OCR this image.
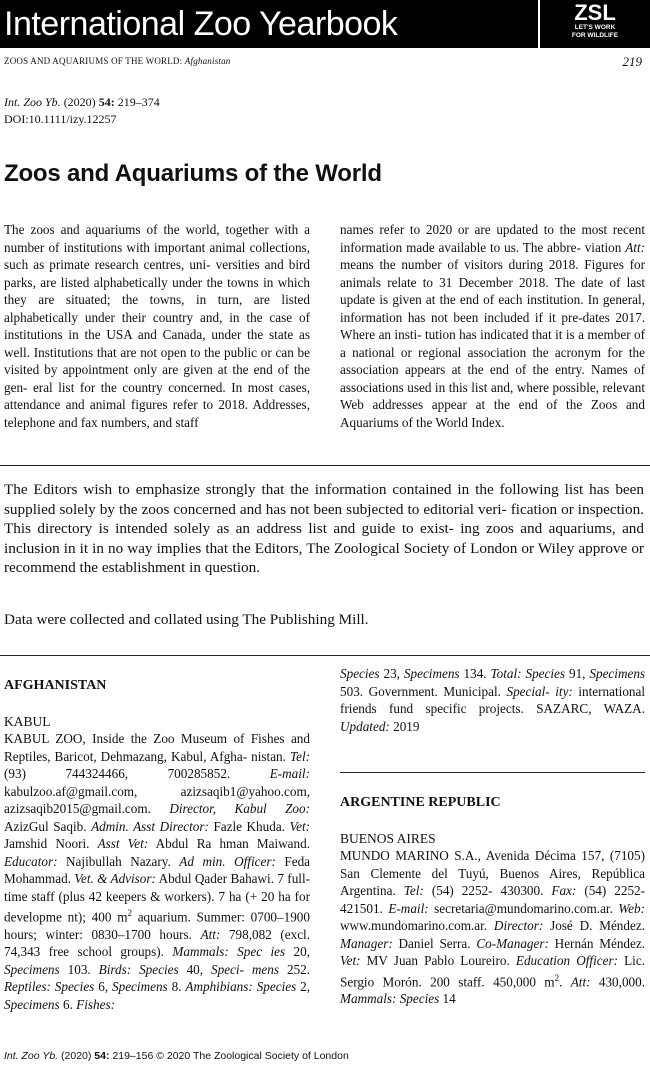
International Zoo Yearbook	ZSL
LET'S WORK
FOR WILDLIFE
ZOOS AND AQUARIUMS OF THE WORLD: Afghanistan	219
Int. Zoo Yb. (2020) 54: 219–374
DOI:10.1111/izy.12257
Zoos and Aquariums of the World

The zoos and aquariums of the world, together with a number of institutions with important animal collections, such as primate research centres, uni- versities and bird parks, are listed alphabetically under the towns in which they are situated; the towns, in turn, are listed alphabetically under their country and, in the case of institutions in the USA and Canada, under the state as well. Institutions that are not open to the public or can be visited by appointment only are given at the end of the gen- eral list for the country concerned. In most cases, attendance and animal figures refer to 2018. Addresses, telephone and fax numbers, and staff

names refer to 2020 or are updated to the most recent information made available to us. The abbre- viation Att: means the number of visitors during 2018. Figures for animals relate to 31 December 2018. The date of last update is given at the end of each institution. In general, information has not been included if it pre-dates 2017. Where an insti- tution has indicated that it is a member of a national or regional association the acronym for the association appears at the end of the entry. Names of associations used in this list and, where possible, relevant Web addresses appear at the end of the Zoos and Aquariums of the World Index.

The Editors wish to emphasize strongly that the information contained in the following list has been supplied solely by the zoos concerned and has not been subjected to editorial veri- fication or inspection. This directory is intended solely as an address list and guide to exist- ing zoos and aquariums, and inclusion in it in no way implies that the Editors, The Zoological Society of London or Wiley approve or recommend the establishment in question.

Data were collected and collated using The Publishing Mill.

AFGHANISTAN
KABUL

KABUL ZOO, Inside the Zoo Museum of Fishes and Reptiles, Baricot, Dehmazang, Kabul, Afgha- nistan. Tel: (93) 744324466, 700285852.	E-mail: kabulzoo.af@gmail.com, azizsaqib1@yahoo.com, azizsaqib2015@gmail.com. Director, Kabul Zoo: AzizGul Saqib. Admin. Asst Director: Fazle Khuda. Vet: Jamshid Noori. Asst Vet: Abdul Ra hman Maiwand. Educator: Najibullah Nazary. Ad min. Officer: Feda Mohammad. Vet. & Advisor: Abdul Qader Bahawi. 7 full-time staff (plus 42 keepers & workers). 7 ha (+ 20 ha for developme nt); 400 $m^2$ aquarium. Summer: 0700–1900 hours; winter: 0830–1700 hours. Att: 798,082 (excl. 74,343 free school groups). Mammals: Spec ies 20, Specimens 103. Birds: Species 40, Speci- mens 252. Reptiles: Species 6, Specimens 8. Amphibians: Species 2, Specimens 6. Fishes:

Species 23, Specimens 134. Total: Species 91, Specimens 503. Government. Municipal. Special- ity: international friends fund specific projects. SAZARC, WAZA. Updated: 2019

ARGENTINE REPUBLIC
BUENOS AIRES

MUNDO MARINO S.A., Avenida Décima 157, (7105) San Clemente del Tuyú, Buenos Aires, República Argentina. Tel: (54) 2252- 430300. Fax: (54) 2252-421501. E-mail: secretaria@mundomarino.com.ar. Web: www.mundomarino.com.ar. Director: José D. Méndez. Manager: Daniel Serra. Co-Manager: Hernán Méndez. Vet: MV Juan Pablo Loureiro. Education Officer: Lic. Sergio Morón. 200 staff. 450,000 $m^2$. Att: 430,000. Mammals: Species 14

Int. Zoo Yb. (2020) 54: 219–156 © 2020 The Zoological Society of London
